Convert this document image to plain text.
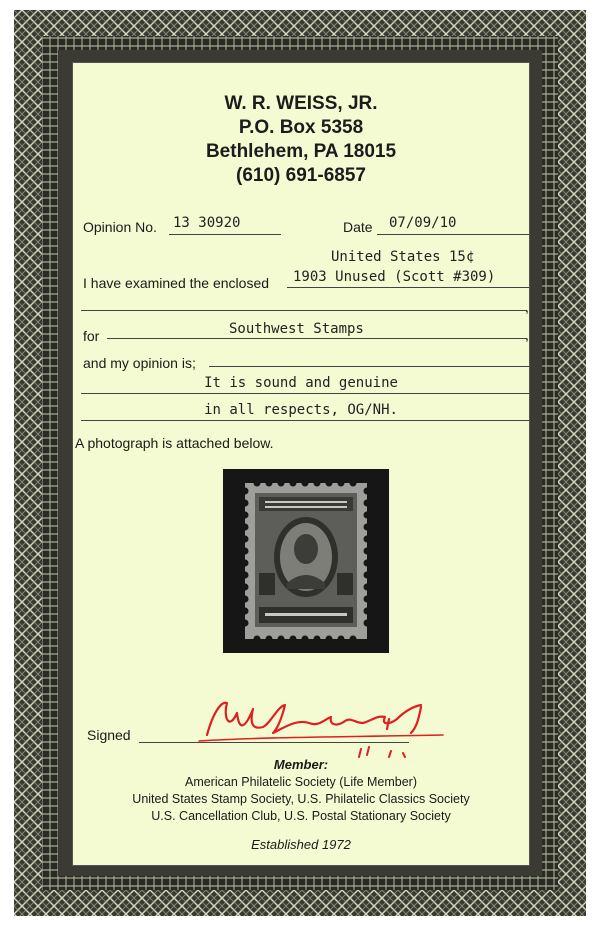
W. R. WEISS, JR.
P.O. Box 5358
Bethlehem, PA 18015
(610) 691-6857
Opinion No. 13 30920	Date 07/09/10
United States 15¢
I have examined the enclosed 1903 Unused (Scott #309)
,
for	Southwest Stamps	,
and my opinion is;
It is sound and genuine
in all respects, OG/NH.
A photograph is attached below.
Signed
Member:
American Philatelic Society (Life Member)
United States Stamp Society, U.S. Philatelic Classics Society
U.S. Cancellation Club, U.S. Postal Stationary Society
Established 1972
